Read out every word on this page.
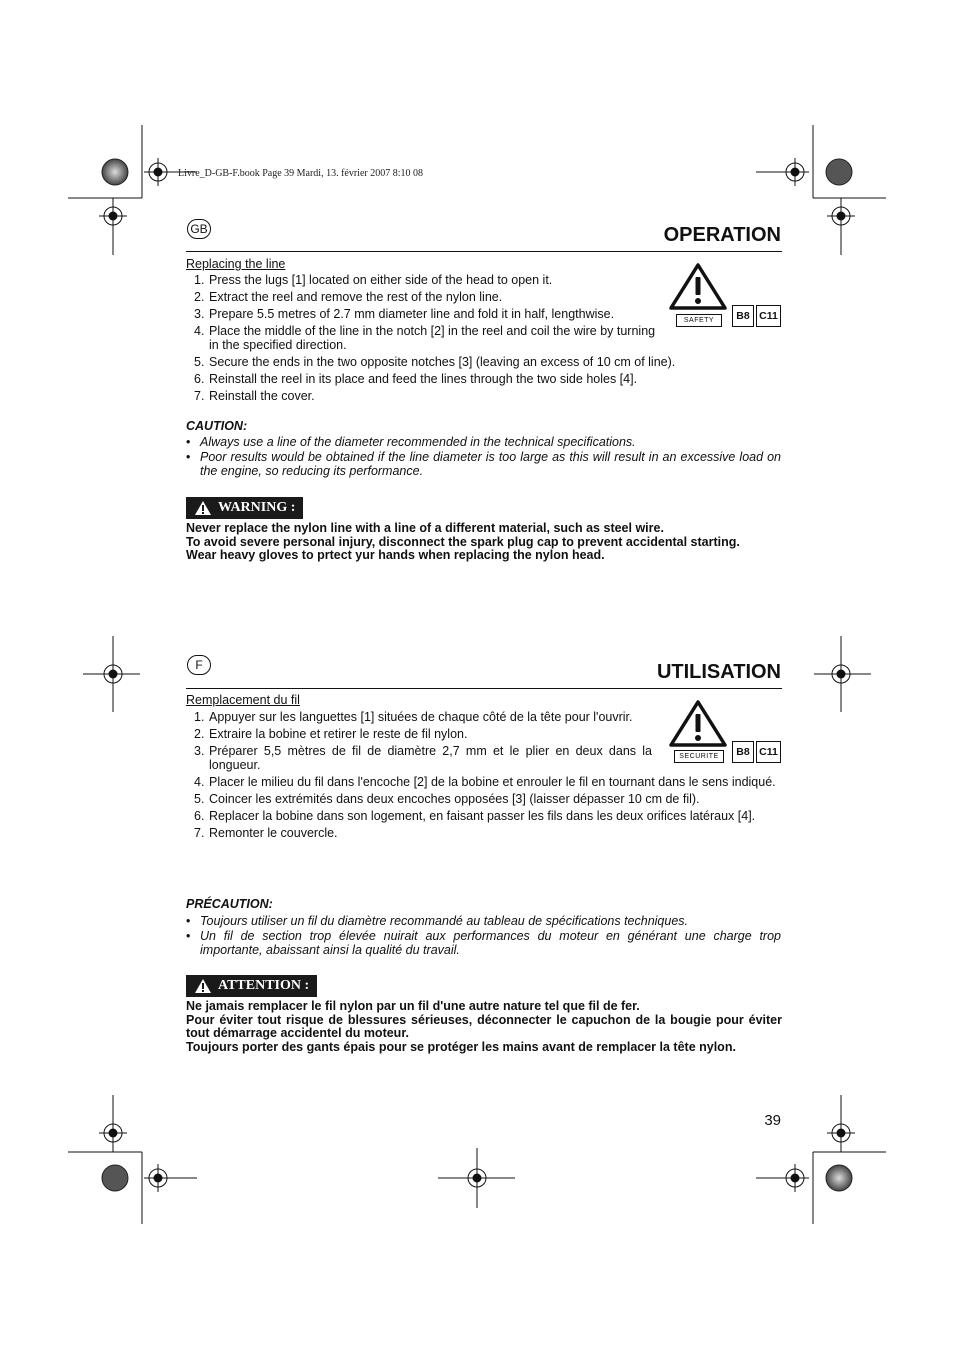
Livre_D-GB-F.book Page 39 Mardi, 13. février 2007 8:10 08
GB	OPERATION
Replacing the line
1. Press the lugs [1] located on either side of the head to open it.
2. Extract the reel and remove the rest of the nylon line.
3. Prepare 5.5 metres of 2.7 mm diameter line and fold it in half, lengthwise.
4. Place the middle of the line in the notch [2] in the reel and coil the wire by turning in the specified direction.
5. Secure the ends in the two opposite notches [3] (leaving an excess of 10 cm of line).
6. Reinstall the reel in its place and feed the lines through the two side holes [4].
7. Reinstall the cover.
SAFETY	B8 C11
CAUTION:
• Always use a line of the diameter recommended in the technical specifications.
• Poor results would be obtained if the line diameter is too large as this will result in an excessive load on the engine, so reducing its performance.
WARNING :
Never replace the nylon line with a line of a different material, such as steel wire.
To avoid severe personal injury, disconnect the spark plug cap to prevent accidental starting.
Wear heavy gloves to prtect yur hands when replacing the nylon head.
F	UTILISATION
Remplacement du fil
1. Appuyer sur les languettes [1] situées de chaque côté de la tête pour l'ouvrir.
2. Extraire la bobine et retirer le reste de fil nylon.
3. Préparer 5,5 mètres de fil de diamètre 2,7 mm et le plier en deux dans la longueur.
4. Placer le milieu du fil dans l'encoche [2] de la bobine et enrouler le fil en tournant dans le sens indiqué.
5. Coincer les extrémités dans deux encoches opposées [3] (laisser dépasser 10 cm de fil).
6. Replacer la bobine dans son logement, en faisant passer les fils dans les deux orifices latéraux [4].
7. Remonter le couvercle.
SECURITE	B8 C11
PRÉCAUTION:
• Toujours utiliser un fil du diamètre recommandé au tableau de spécifications techniques.
• Un fil de section trop élevée nuirait aux performances du moteur en générant une charge trop importante, abaissant ainsi la qualité du travail.
ATTENTION :
Ne jamais remplacer le fil nylon par un fil d'une autre nature tel que fil de fer.
Pour éviter tout risque de blessures sérieuses, déconnecter le capuchon de la bougie pour éviter tout démarrage accidentel du moteur.
Toujours porter des gants épais pour se protéger les mains avant de remplacer la tête nylon.
39
